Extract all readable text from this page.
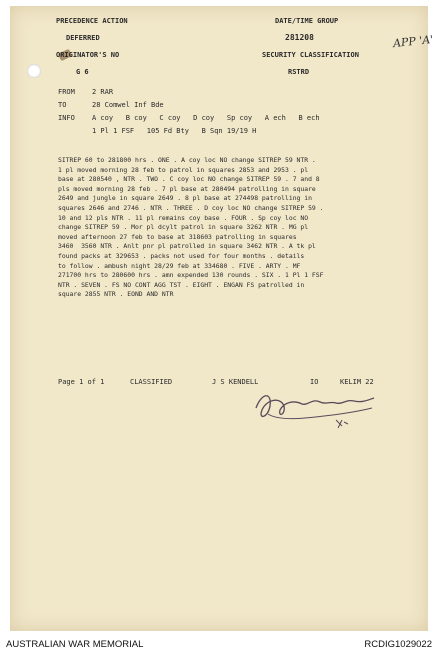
PRECEDENCE ACTION
DEFERRED
ORIGINATOR'S NO
G 6
DATE/TIME GROUP
281208
SECURITY CLASSIFICATION
RSTRD
FROM 2 RAR
TO	28 Comwel Inf Bde
INFO A coy   B coy   C coy   D coy   Sp coy   A ech   B ech
1 Pl 1 FSF   105 Fd Bty   B Sqn 19/19 H
SITREP 60 to 281800 hrs . ONE . A coy loc NO change SITREP 59 NTR .
1 pl moved morning 28 feb to patrol in squares 2853 and 2953 . pl
base at 280540 , NTR . TWO . C coy loc NO change SITREP 59 . 7 and 8
pls moved morning 28 feb . 7 pl base at 280494 patrolling in square
2649 and jungle in square 2649 . 8 pl base at 274498 patrolling in
squares 2646 and 2746 . NTR . THREE . D coy loc NO change SITREP 59 .
10 and 12 pls NTR . 11 pl remains coy base . FOUR . Sp coy loc NO
change SITREP 59 . Mor pl dcylt patrol in square 3262 NTR . MG pl
moved afternoon 27 feb to base at 318603 patrolling in squares
3460  3560 NTR . Anlt pnr pl patrolled in square 3462 NTR . A tk pl
found packs at 329653 . packs not used for four months . details
to follow . ambush night 28/29 feb at 334680 . FIVE . ARTY . MF
271700 hrs to 280600 hrs . amn expended 130 rounds . SIX . 1 Pl 1 FSF
NTR . SEVEN . FS NO CONT AGG TST . EIGHT . ENGAN FS patrolled in
square 2855 NTR . EOND AND NTR
Page 1 of 1	CLASSIFIED	J S KENDELL	IO	KELIM 22
APP 'A'
AUSTRALIAN WAR MEMORIAL	RCDIG1029022
